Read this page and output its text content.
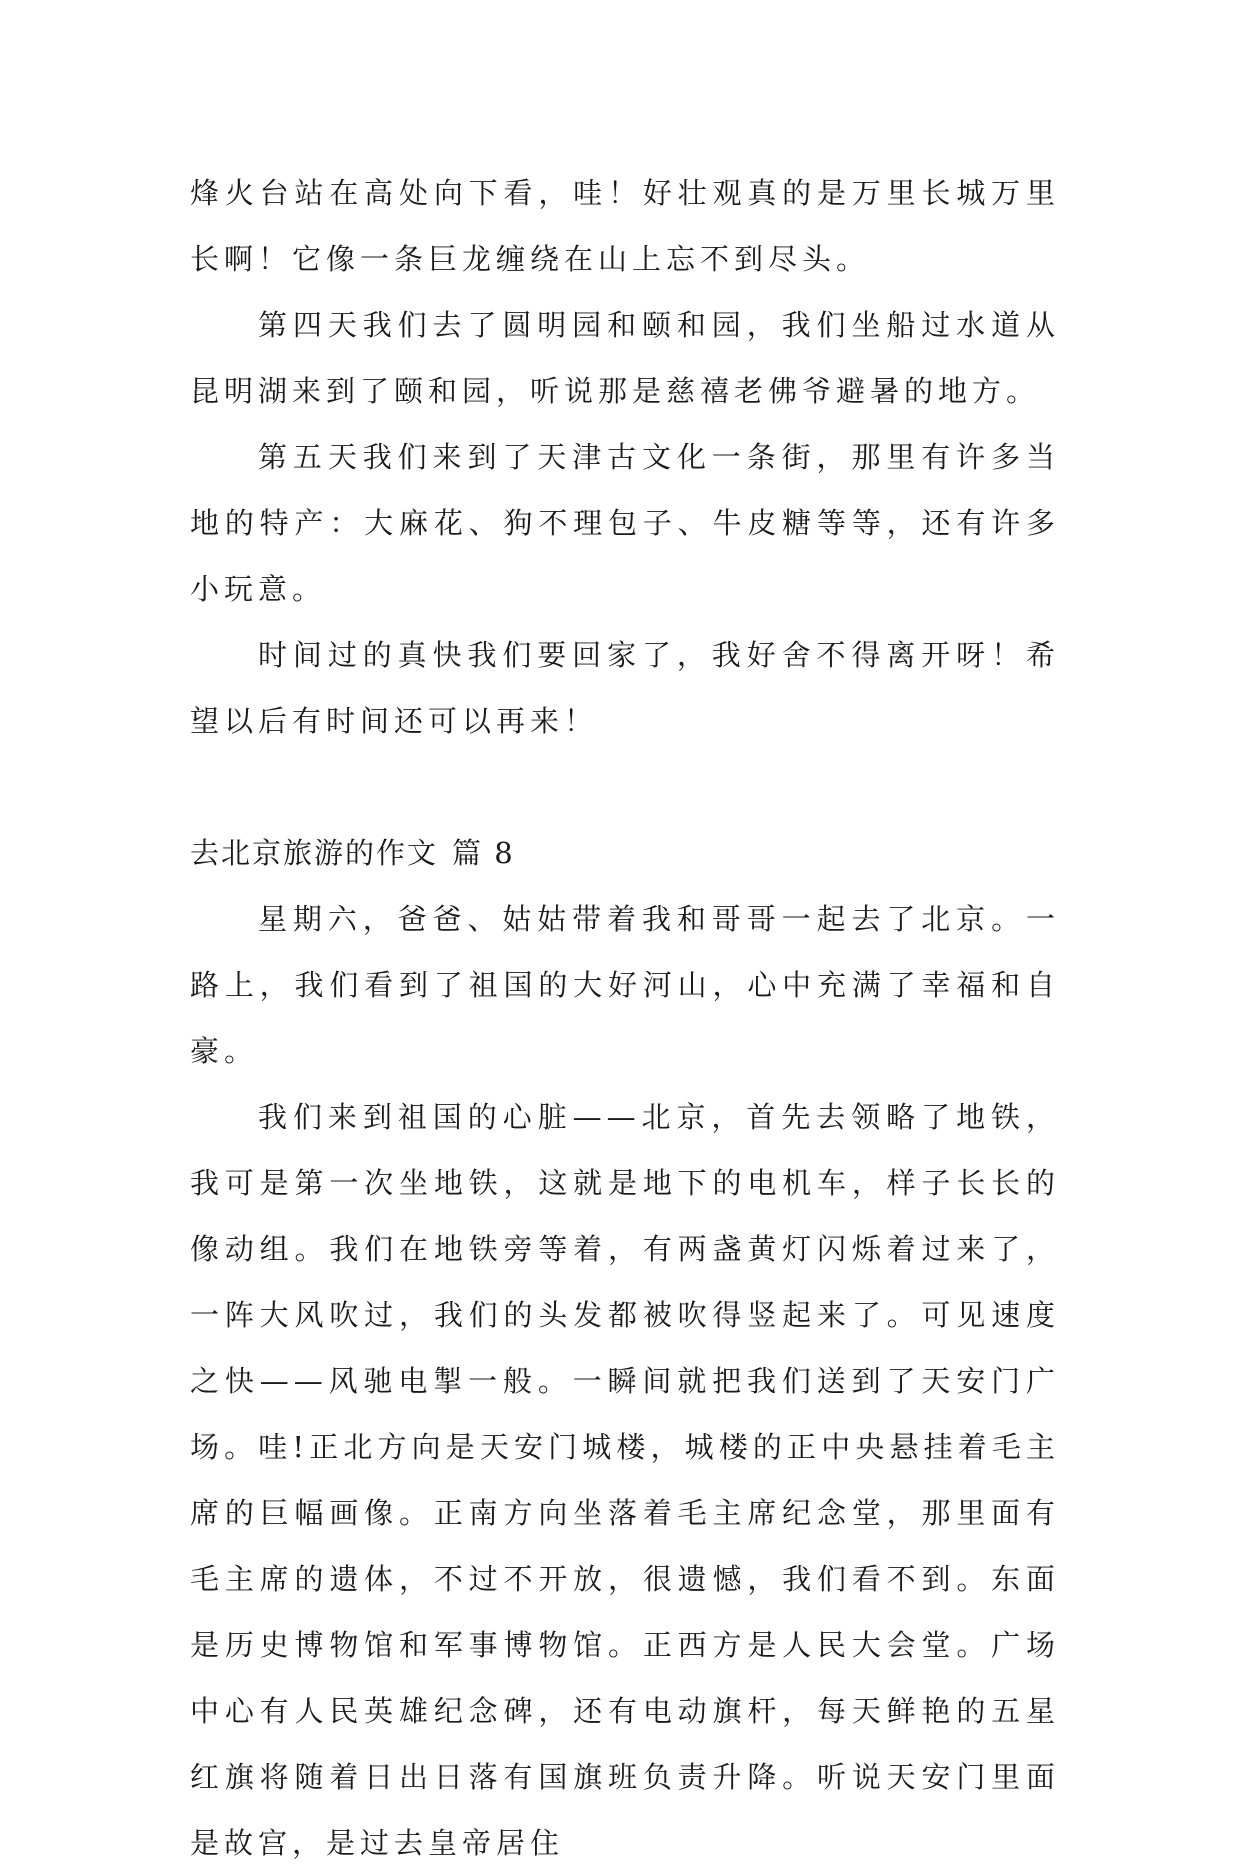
烽火台站在高处向下看，哇！好壮观真的是万里长城万里长啊！它像一条巨龙缠绕在山上忘不到尽头。

第四天我们去了圆明园和颐和园，我们坐船过水道从昆明湖来到了颐和园，听说那是慈禧老佛爷避暑的地方。

第五天我们来到了天津古文化一条街，那里有许多当地的特产：大麻花、狗不理包子、牛皮糖等等，还有许多小玩意。

时间过的真快我们要回家了，我好舍不得离开呀！希望以后有时间还可以再来！

去北京旅游的作文 篇 8

星期六，爸爸、姑姑带着我和哥哥一起去了北京。一路上，我们看到了祖国的大好河山，心中充满了幸福和自豪。

我们来到祖国的心脏——北京，首先去领略了地铁，我可是第一次坐地铁，这就是地下的电机车，样子长长的像动组。我们在地铁旁等着，有两盏黄灯闪烁着过来了，一阵大风吹过，我们的头发都被吹得竖起来了。可见速度之快——风驰电掣一般。一瞬间就把我们送到了天安门广场。哇!正北方向是天安门城楼，城楼的正中央悬挂着毛主席的巨幅画像。正南方向坐落着毛主席纪念堂，那里面有毛主席的遗体，不过不开放，很遗憾，我们看不到。东面是历史博物馆和军事博物馆。正西方是人民大会堂。广场中心有人民英雄纪念碑，还有电动旗杆，每天鲜艳的五星红旗将随着日出日落有国旗班负责升降。听说天安门里面是故宫，是过去皇帝居住
